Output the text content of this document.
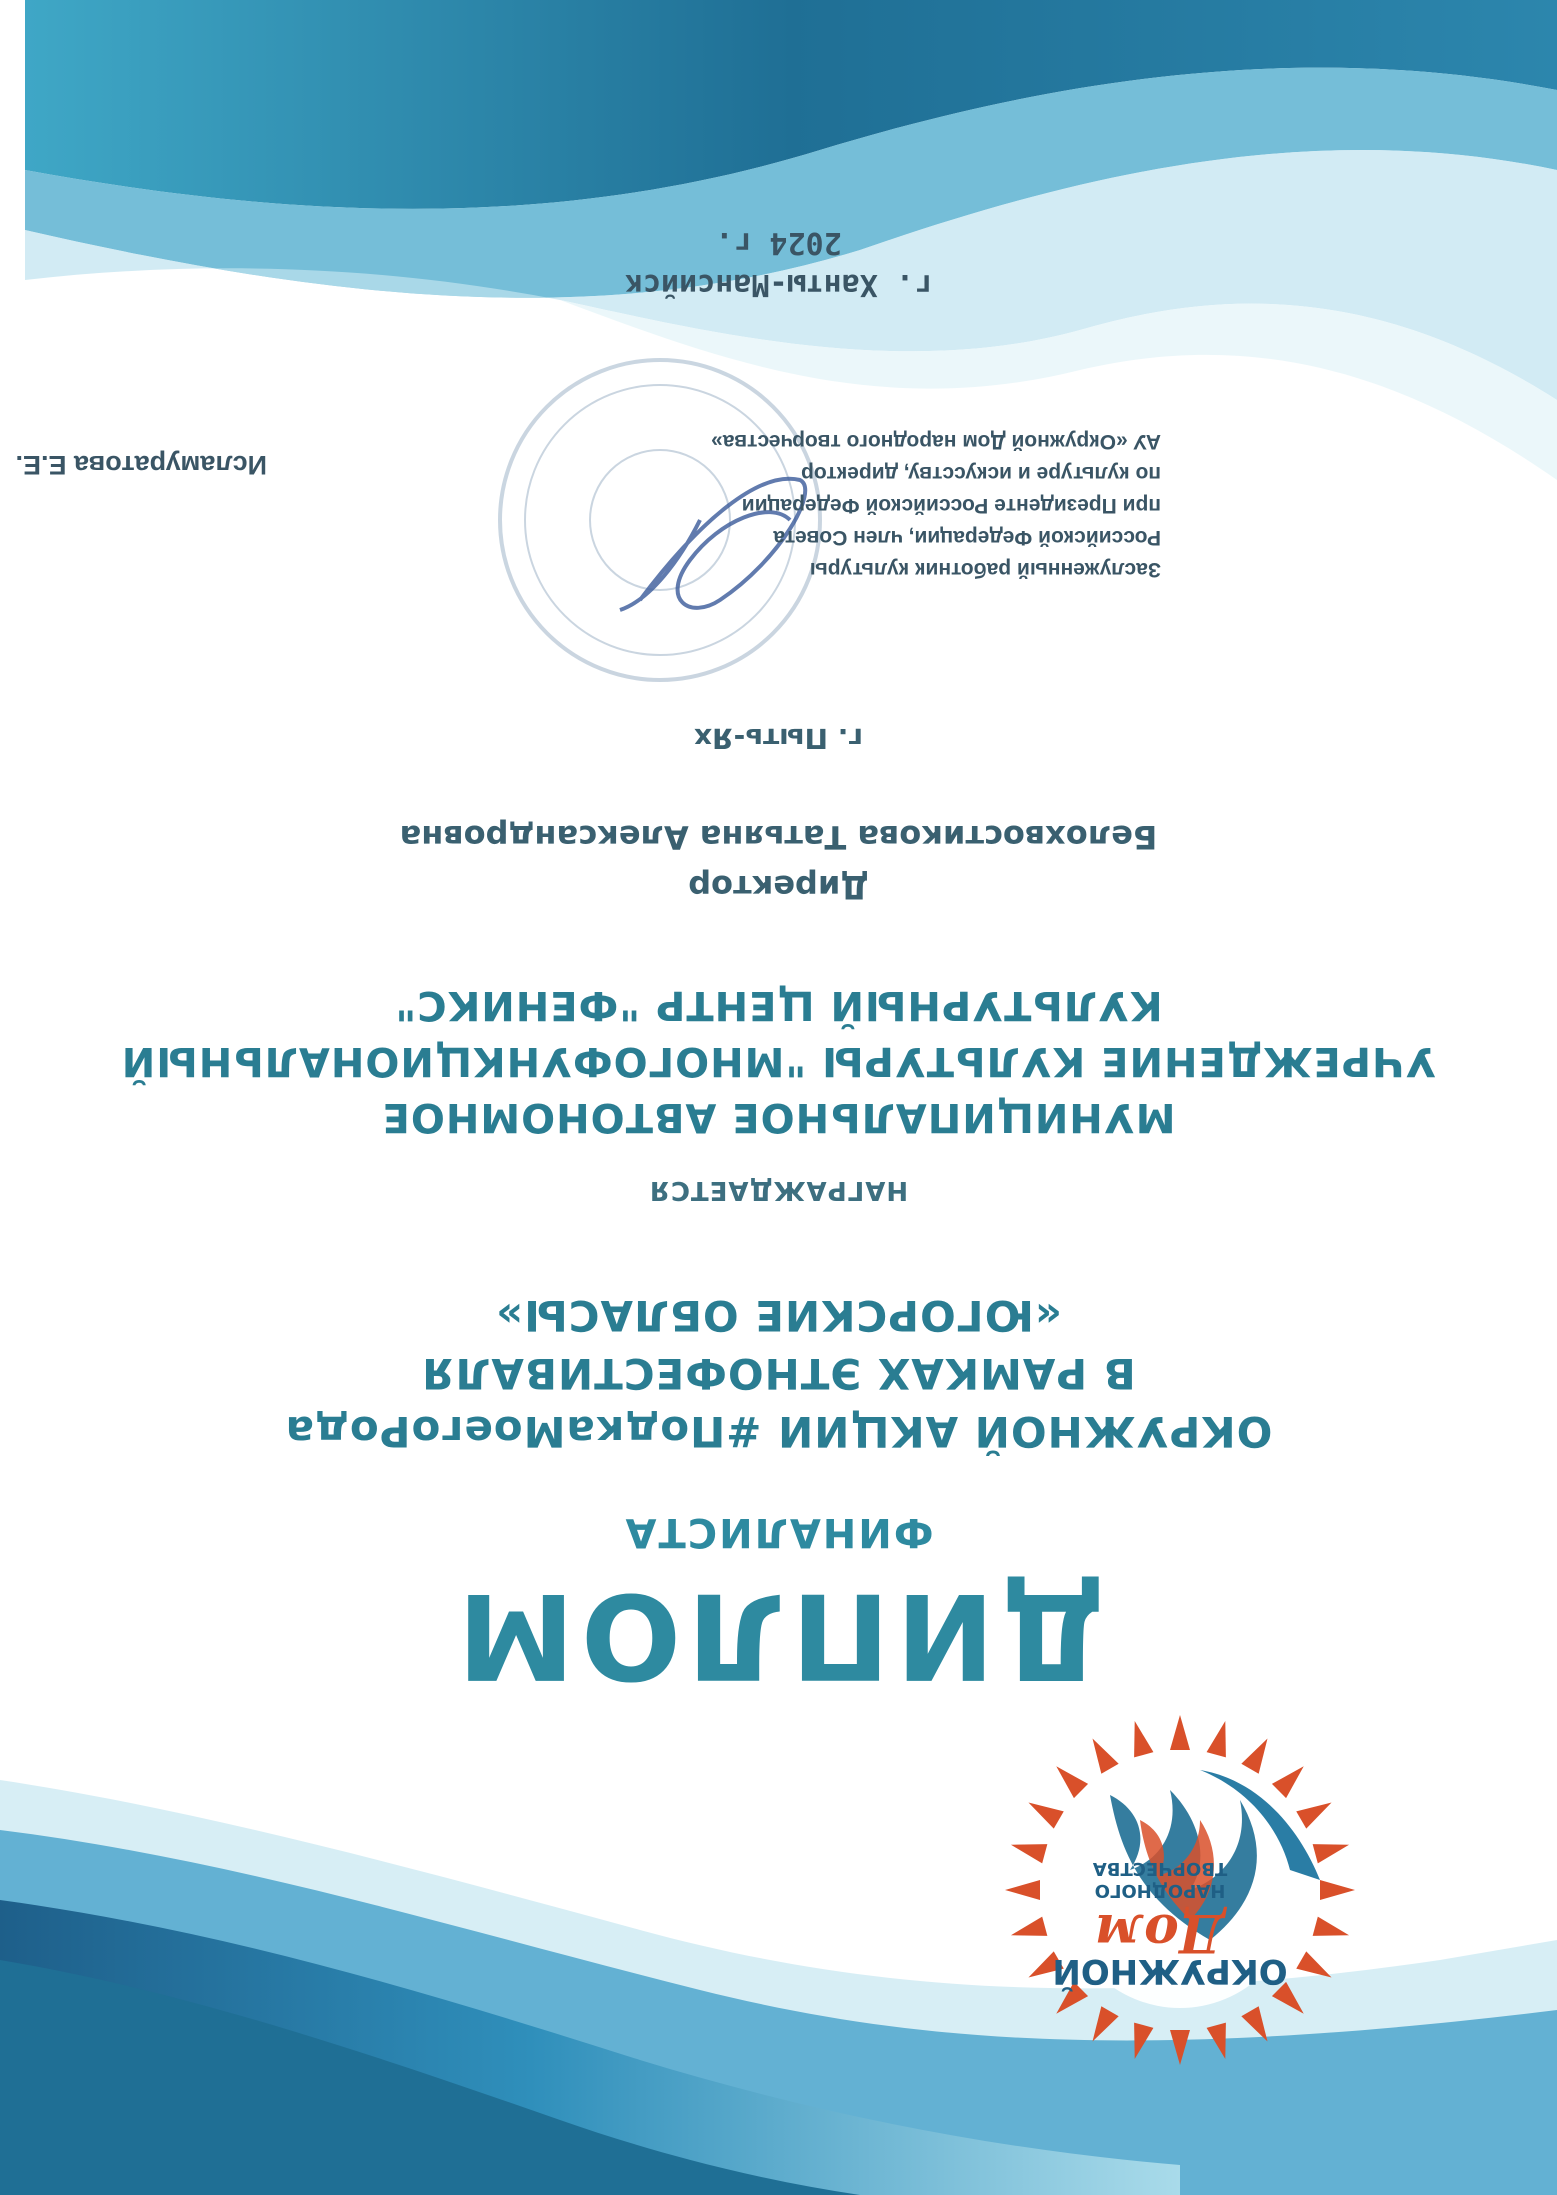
ОКРУЖНОЙ
Дом
НАРОДНОГО
ТВОРЧЕСТВА
ДИПЛОМ
ФИНАЛИСТА
ОКРУЖНОЙ АКЦИИ #ПодкаМоегоРода
В РАМКАХ ЭТНОФЕСТИВАЛЯ
«ЮГОРСКИЕ ОБЛАСЫ»
НАГРАЖДАЕТСЯ
МУНИЦИПАЛЬНОЕ АВТОНОМНОЕ
УЧРЕЖДЕНИЕ КУЛЬТУРЫ "МНОГОФУНКЦИОНАЛЬНЫЙ
КУЛЬТУРНЫЙ ЦЕНТР "ФЕНИКС"
Директор
Белохвостикова Татьяна Александровна
г. Пыть-Ях
Заслуженный работник культуры
Российской Федерации, член Совета
при Президенте Российской Федерации
по культуре и искусству, директор
АУ «Окружной Дом народного творчества»
Исламуратова Е.Е.
г. Ханты-Мансийск
2024 г.
